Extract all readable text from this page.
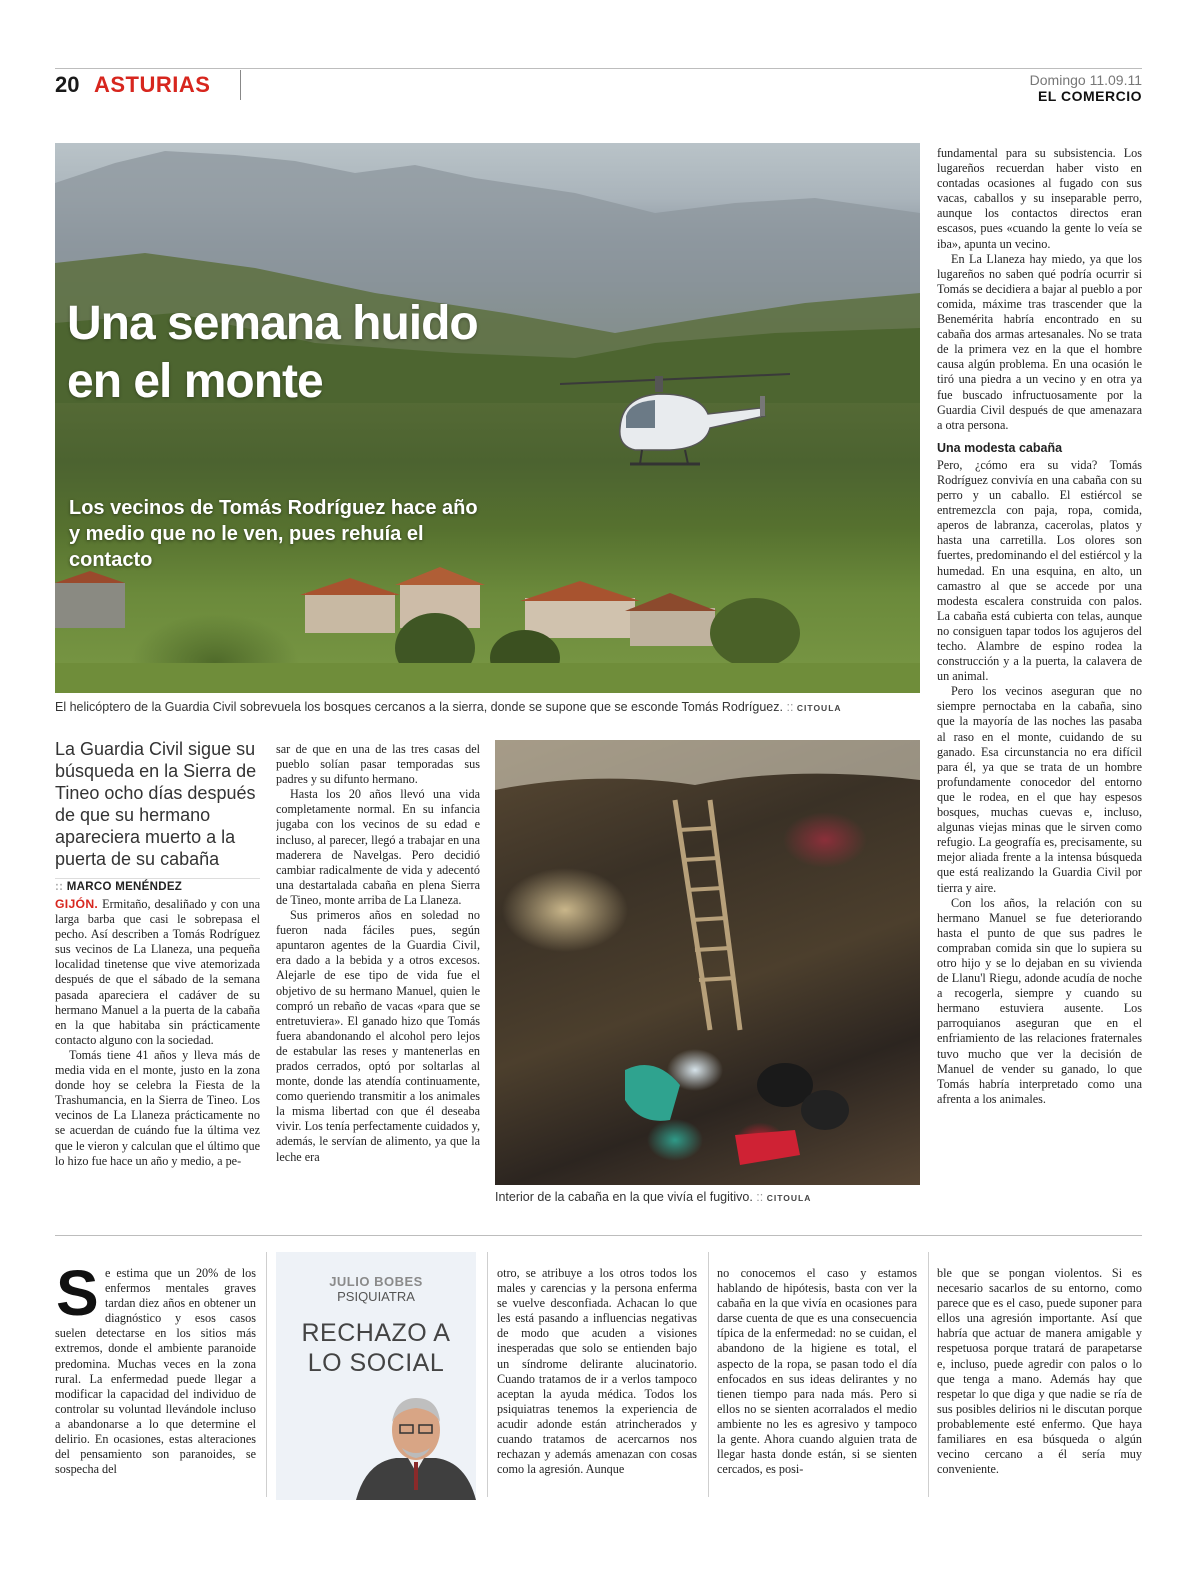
20 ASTURIAS	Domingo 11.09.11
EL COMERCIO
Una semana huido en el monte
Los vecinos de Tomás Rodríguez hace año y medio que no le ven, pues rehuía el contacto
El helicóptero de la Guardia Civil sobrevuela los bosques cercanos a la sierra, donde se supone que se esconde Tomás Rodríguez. :: CITOULA
La Guardia Civil sigue su búsqueda en la Sierra de Tineo ocho días después de que su hermano apareciera muerto a la puerta de su cabaña
:: MARCO MENÉNDEZ

GIJÓN. Ermitaño, desaliñado y con una larga barba que casi le sobrepasa el pecho. Así describen a Tomás Rodríguez sus vecinos de La Llaneza, una pequeña localidad tinetense que vive atemorizada después de que el sábado de la semana pasada apareciera el cadáver de su hermano Manuel a la puerta de la cabaña en la que habitaba sin prácticamente contacto alguno con la sociedad.

Tomás tiene 41 años y lleva más de media vida en el monte, justo en la zona donde hoy se celebra la Fiesta de la Trashumancia, en la Sierra de Tineo. Los vecinos de La Llaneza prácticamente no se acuerdan de cuándo fue la última vez que le vieron y calculan que el último que lo hizo fue hace un año y medio, a pe-

sar de que en una de las tres casas del pueblo solían pasar temporadas sus padres y su difunto hermano.

Hasta los 20 años llevó una vida completamente normal. En su infancia jugaba con los vecinos de su edad e incluso, al parecer, llegó a trabajar en una maderera de Navelgas. Pero decidió cambiar radicalmente de vida y adecentó una destartalada cabaña en plena Sierra de Tineo, monte arriba de La Llaneza.

Sus primeros años en soledad no fueron nada fáciles pues, según apuntaron agentes de la Guardia Civil, era dado a la bebida y a otros excesos. Alejarle de ese tipo de vida fue el objetivo de su hermano Manuel, quien le compró un rebaño de vacas «para que se entretuviera». El ganado hizo que Tomás fuera abandonando el alcohol pero lejos de estabular las reses y mantenerlas en prados cerrados, optó por soltarlas al monte, donde las atendía continuamente, como queriendo transmitir a los animales la misma libertad con que él deseaba vivir. Los tenía perfectamente cuidados y, además, le servían de alimento, ya que la leche era

Interior de la cabaña en la que vivía el fugitivo. :: CITOULA

fundamental para su subsistencia. Los lugareños recuerdan haber visto en contadas ocasiones al fugado con sus vacas, caballos y su inseparable perro, aunque los contactos directos eran escasos, pues «cuando la gente lo veía se iba», apunta un vecino.

En La Llaneza hay miedo, ya que los lugareños no saben qué podría ocurrir si Tomás se decidiera a bajar al pueblo a por comida, máxime tras trascender que la Benemérita habría encontrado en su cabaña dos armas artesanales. No se trata de la primera vez en la que el hombre causa algún problema. En una ocasión le tiró una piedra a un vecino y en otra ya fue buscado infructuosamente por la Guardia Civil después de que amenazara a otra persona.

Una modesta cabaña

Pero, ¿cómo era su vida? Tomás Rodríguez convivía en una cabaña con su perro y un caballo. El estiércol se entremezcla con paja, ropa, comida, aperos de labranza, cacerolas, platos y hasta una carretilla. Los olores son fuertes, predominando el del estiércol y la humedad. En una esquina, en alto, un camastro al que se accede por una modesta escalera construida con palos. La cabaña está cubierta con telas, aunque no consiguen tapar todos los agujeros del techo. Alambre de espino rodea la construcción y a la puerta, la calavera de un animal.

Pero los vecinos aseguran que no siempre pernoctaba en la cabaña, sino que la mayoría de las noches las pasaba al raso en el monte, cuidando de su ganado. Esa circunstancia no era difícil para él, ya que se trata de un hombre profundamente conocedor del entorno que le rodea, en el que hay espesos bosques, muchas cuevas e, incluso, algunas viejas minas que le sirven como refugio. La geografía es, precisamente, su mejor aliada frente a la intensa búsqueda que está realizando la Guardia Civil por tierra y aire.

Con los años, la relación con su hermano Manuel se fue deteriorando hasta el punto de que sus padres le compraban comida sin que lo supiera su otro hijo y se lo dejaban en su vivienda de Llanu'l Riegu, adonde acudía de noche a recogerla, siempre y cuando su hermano estuviera ausente. Los parroquianos aseguran que en el enfriamiento de las relaciones fraternales tuvo mucho que ver la decisión de Manuel de vender su ganado, lo que Tomás habría interpretado como una afrenta a los animales.

S e estima que un 20% de los enfermos mentales graves tardan diez años en obtener un diagnóstico y esos casos suelen detectarse en los sitios más extremos, donde el ambiente paranoide predomina. Muchas veces en la zona rural. La enfermedad puede llegar a modificar la capacidad del individuo de controlar su voluntad llevándole incluso a abandonarse a lo que determine el delirio. En ocasiones, estas alteraciones del pensamiento son paranoides, se sospecha del

JULIO BOBES
PSIQUIATRA
RECHAZO A LO SOCIAL

otro, se atribuye a los otros todos los males y carencias y la persona enferma se vuelve desconfiada. Achacan lo que les está pasando a influencias negativas de modo que acuden a visiones inesperadas que solo se entienden bajo un síndrome delirante alucinatorio. Cuando tratamos de ir a verlos tampoco aceptan la ayuda médica. Todos los psiquiatras tenemos la experiencia de acudir adonde están atrincherados y cuando tratamos de acercarnos nos rechazan y además amenazan con cosas como la agresión. Aunque

no conocemos el caso y estamos hablando de hipótesis, basta con ver la cabaña en la que vivía en ocasiones para darse cuenta de que es una consecuencia típica de la enfermedad: no se cuidan, el abandono de la higiene es total, el aspecto de la ropa, se pasan todo el día enfocados en sus ideas delirantes y no tienen tiempo para nada más. Pero si ellos no se sienten acorralados el medio ambiente no les es agresivo y tampoco la gente. Ahora cuando alguien trata de llegar hasta donde están, si se sienten cercados, es posi-

ble que se pongan violentos. Si es necesario sacarlos de su entorno, como parece que es el caso, puede suponer para ellos una agresión importante. Así que habría que actuar de manera amigable y respetuosa porque tratará de parapetarse e, incluso, puede agredir con palos o lo que tenga a mano. Además hay que respetar lo que diga y que nadie se ría de sus posibles delirios ni le discutan porque probablemente esté enfermo. Que haya familiares en esa búsqueda o algún vecino cercano a él sería muy conveniente.
